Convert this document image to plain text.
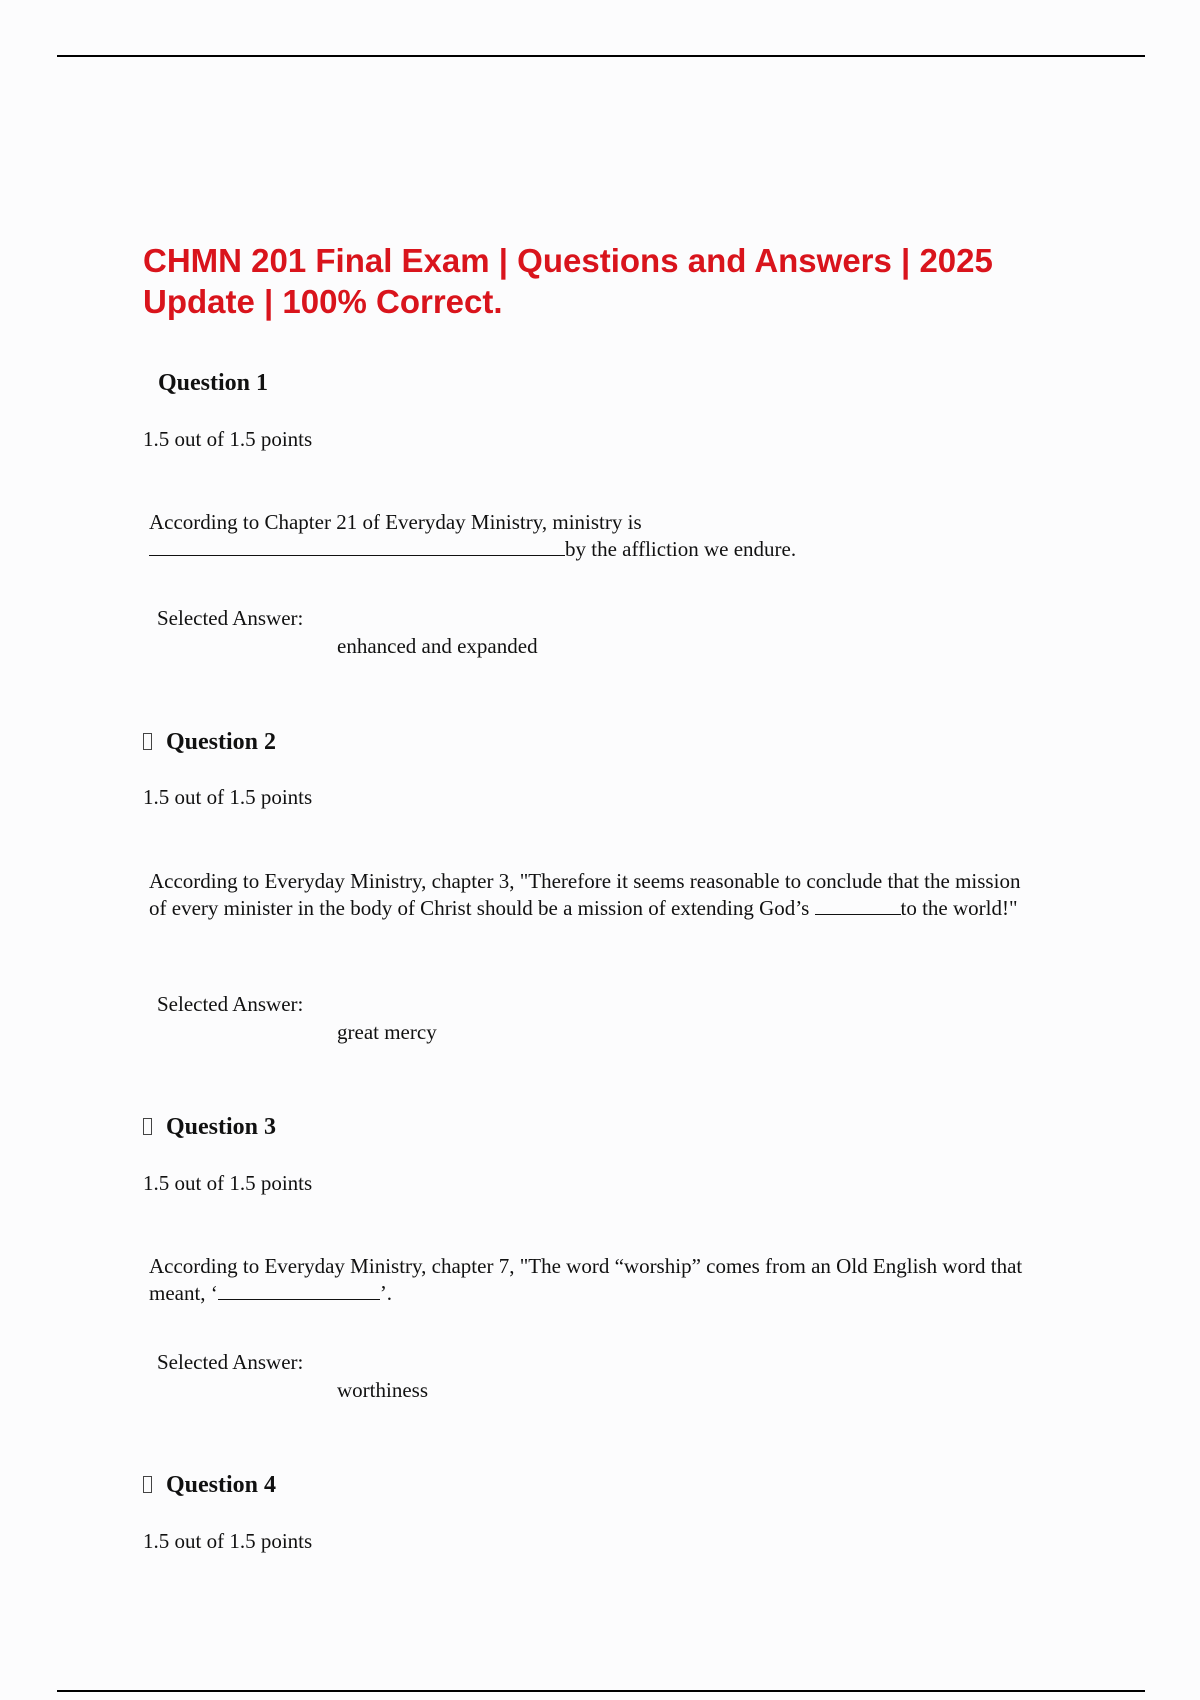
CHMN 201 Final Exam | Questions and Answers | 2025 Update | 100% Correct.
Question 1
1.5 out of 1.5 points
According to Chapter 21 of Everyday Ministry, ministry is
by the affliction we endure.
Selected Answer:
enhanced and expanded
Question 2
1.5 out of 1.5 points
According to Everyday Ministry, chapter 3, "Therefore it seems reasonable to conclude that the mission of every minister in the body of Christ should be a mission of extending God’s	to the world!"
Selected Answer:
great mercy
Question 3
1.5 out of 1.5 points
According to Everyday Ministry, chapter 7, "The word “worship” comes from an Old English word that meant, ‘	’.
Selected Answer:
worthiness
Question 4
1.5 out of 1.5 points
